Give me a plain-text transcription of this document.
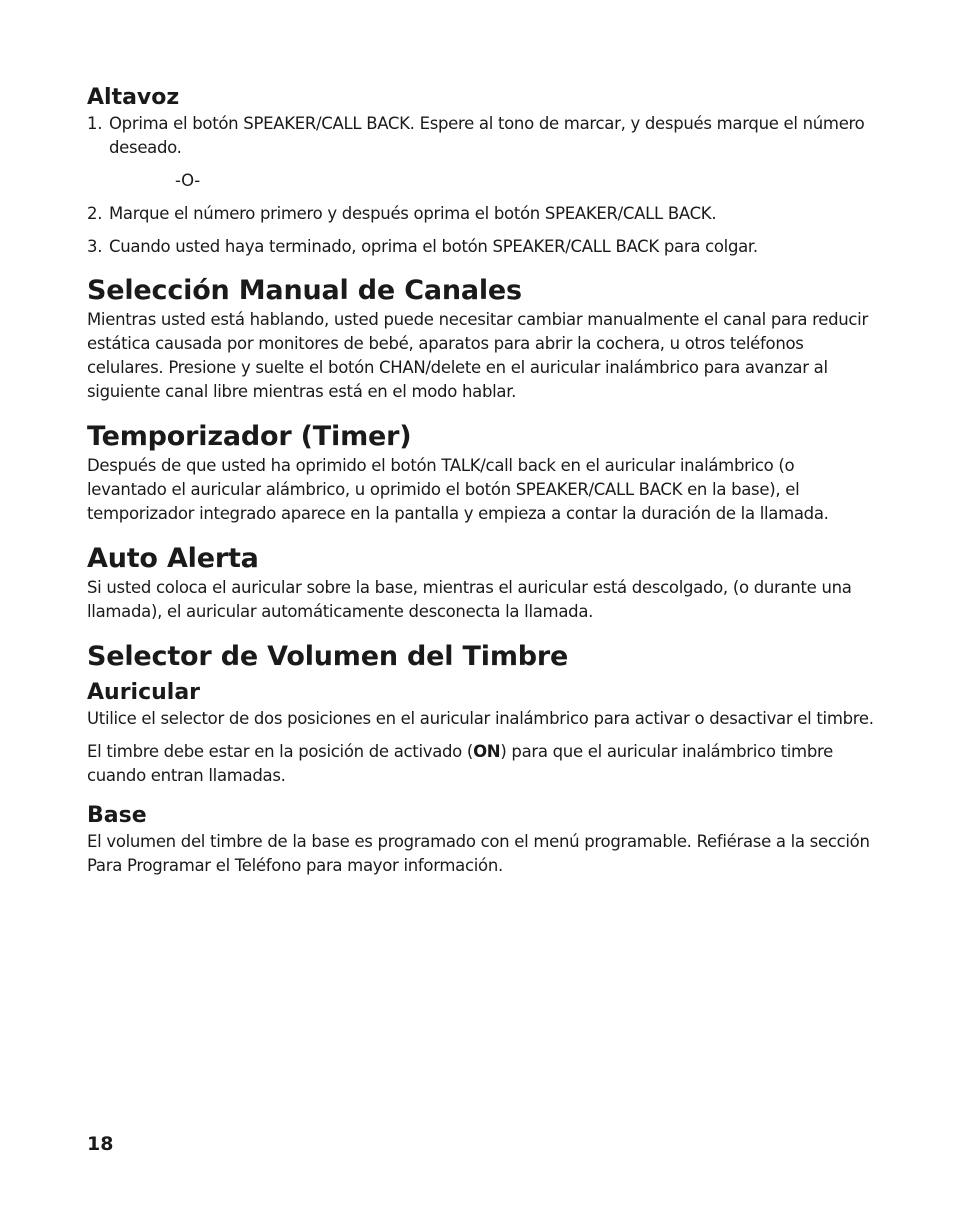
Altavoz
1. Oprima el botón SPEAKER/CALL BACK. Espere al tono de marcar, y después marque el número deseado.

-O-

2. Marque el número primero y después oprima el botón SPEAKER/CALL BACK.
3. Cuando usted haya terminado, oprima el botón SPEAKER/CALL BACK para colgar.
Selección Manual de Canales

Mientras usted está hablando, usted puede necesitar cambiar manualmente el canal para reducir estática causada por monitores de bebé, aparatos para abrir la cochera, u otros teléfonos celulares. Presione y suelte el botón CHAN/delete en el auricular inalámbrico para avanzar al siguiente canal libre mientras está en el modo hablar.

Temporizador (Timer)

Después de que usted ha oprimido el botón TALK/call back en el auricular inalámbrico (o levantado el auricular alámbrico, u oprimido el botón SPEAKER/CALL BACK en la base), el temporizador integrado aparece en la pantalla y empieza a contar la duración de la llamada.

Auto Alerta

Si usted coloca el auricular sobre la base, mientras el auricular está descolgado, (o durante una llamada), el auricular automáticamente desconecta la llamada.

Selector de Volumen del Timbre
Auricular

Utilice el selector de dos posiciones en el auricular inalámbrico para activar o desactivar el timbre.

El timbre debe estar en la posición de activado (ON) para que el auricular inalámbrico timbre cuando entran llamadas.

Base

El volumen del timbre de la base es programado con el menú programable. Refiérase a la sección Para Programar el Teléfono para mayor información.

18
